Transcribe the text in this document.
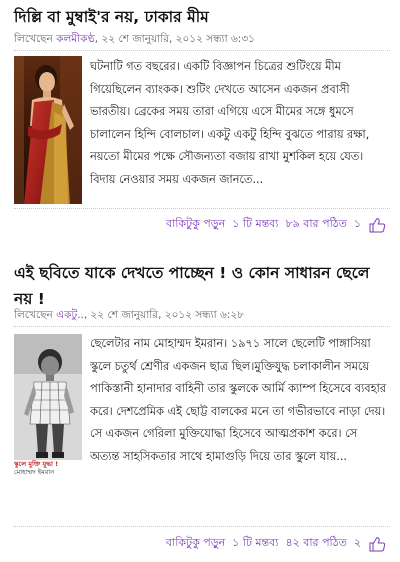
দিল্লি বা মুম্বাই'র নয়, ঢাকার মীম
লিখেছেন কলমীকণ্ঠ, ২২ শে জানুয়ারি, ২০১২ সন্ধ্যা ৬:৩১

ঘটনাটি গত বছরের। একটি বিজ্ঞাপন চিত্রের শুটিংয়ে মীম গিয়েছিলেন ব্যাংকক। শুটিং দেখতে আসেন একজন প্রবাসী ভারতীয়। ব্রেকের সময় তারা এগিয়ে এসে মীমের সঙ্গে ধুমসে চালালেন হিন্দি বোলচাল। একটু একটু হিন্দি বুঝতে পারায় রক্ষা, নয়তো মীমের পক্ষে সৌজন্যতা বজায় রাখা মুশকিল হয়ে যেত। বিদায় নেওয়ার সময় একজন জানতে...

বাকিটুকু পড়ুন ১ টি মন্তব্য ৮৯ বার পঠিত ১
এই ছবিতে যাকে দেখতে পাচ্ছেন ! ও কোন সাধারন ছেলে নয় !
লিখেছেন একটু.., ২২ শে জানুয়ারি, ২০১২ সন্ধ্যা ৬:২৮
স্কুলে মুক্তি যুদ্ধা !
মোহাম্মদ ইমরান

ছেলেটার নাম মোহাম্মদ ইমরান। ১৯৭১ সালে ছেলেটি পাঙ্গাসিয়া স্কুলে চতুর্থ শ্রেণীর একজন ছাত্র ছিল।মুক্তিযুদ্ধ চলাকালীন সময়ে পাকিস্তানী হানাদার বাহিনী তার স্কুলকে আর্মি ক্যাম্প হিসেবে ব্যবহার করে। দেশপ্রেমিক এই ছোট্ট বালকের মনে তা গভীরভাবে নাড়া দেয়। সে একজন গেরিলা মুক্তিযোদ্ধা হিসেবে আত্মপ্রকাশ করে। সে অত্যন্ত সাহসিকতার সাথে হামাগুড়ি দিয়ে তার স্কুলে যায়...

বাকিটুকু পড়ুন ১ টি মন্তব্য ৪২ বার পঠিত ২
